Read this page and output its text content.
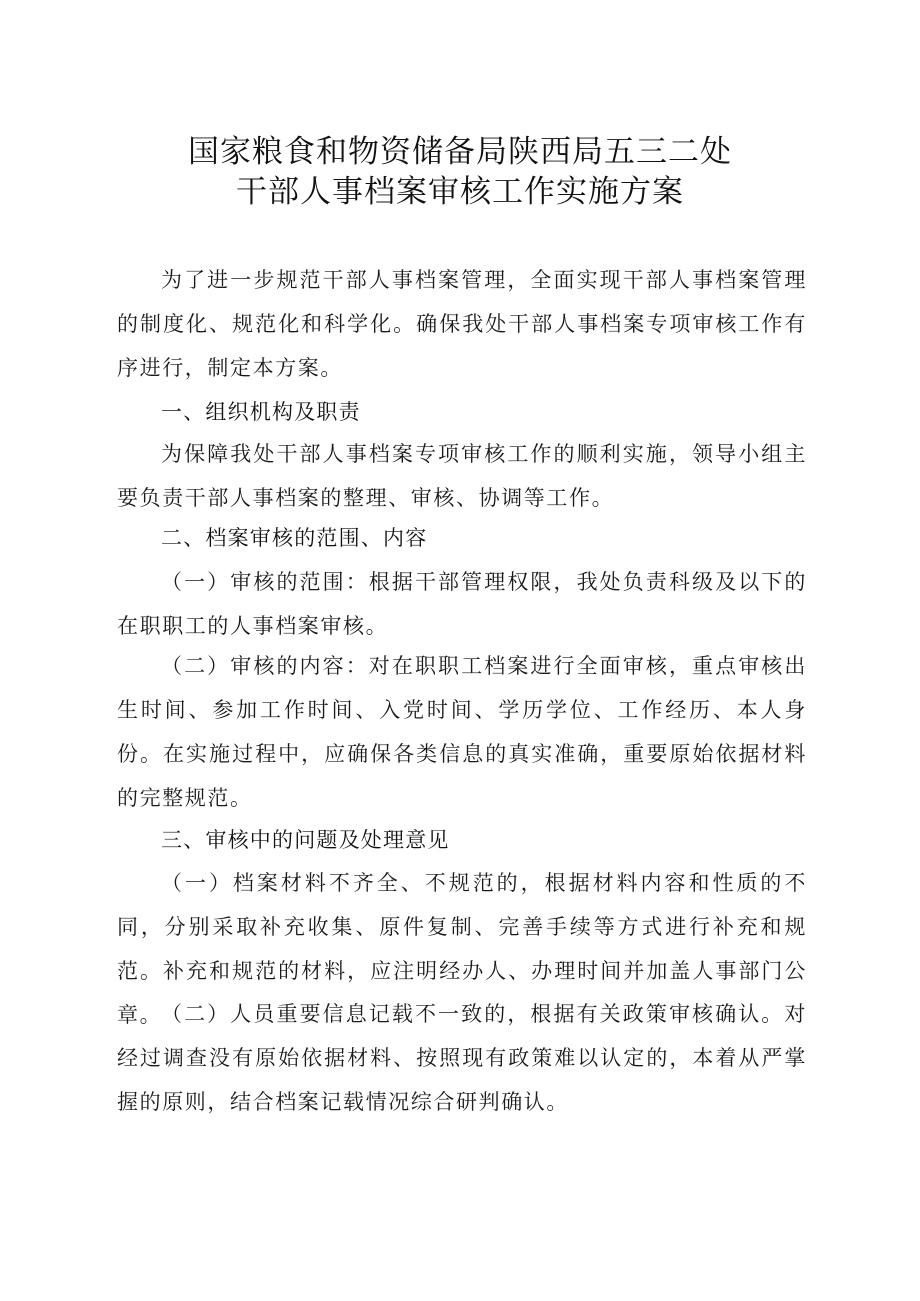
国家粮食和物资储备局陕西局五三二处
干部人事档案审核工作实施方案

为了进一步规范干部人事档案管理，全面实现干部人事档案管理的制度化、规范化和科学化。确保我处干部人事档案专项审核工作有序进行，制定本方案。

一、组织机构及职责

为保障我处干部人事档案专项审核工作的顺利实施，领导小组主要负责干部人事档案的整理、审核、协调等工作。

二、档案审核的范围、内容

（一）审核的范围：根据干部管理权限，我处负责科级及以下的在职职工的人事档案审核。

（二）审核的内容：对在职职工档案进行全面审核，重点审核出生时间、参加工作时间、入党时间、学历学位、工作经历、本人身份。在实施过程中，应确保各类信息的真实准确，重要原始依据材料的完整规范。

三、审核中的问题及处理意见

（一）档案材料不齐全、不规范的，根据材料内容和性质的不同，分别采取补充收集、原件复制、完善手续等方式进行补充和规范。补充和规范的材料，应注明经办人、办理时间并加盖人事部门公章。

（二）人员重要信息记载不一致的，根据有关政策审核确认。对经过调查没有原始依据材料、按照现有政策难以认定的，本着从严掌握的原则，结合档案记载情况综合研判确认。
